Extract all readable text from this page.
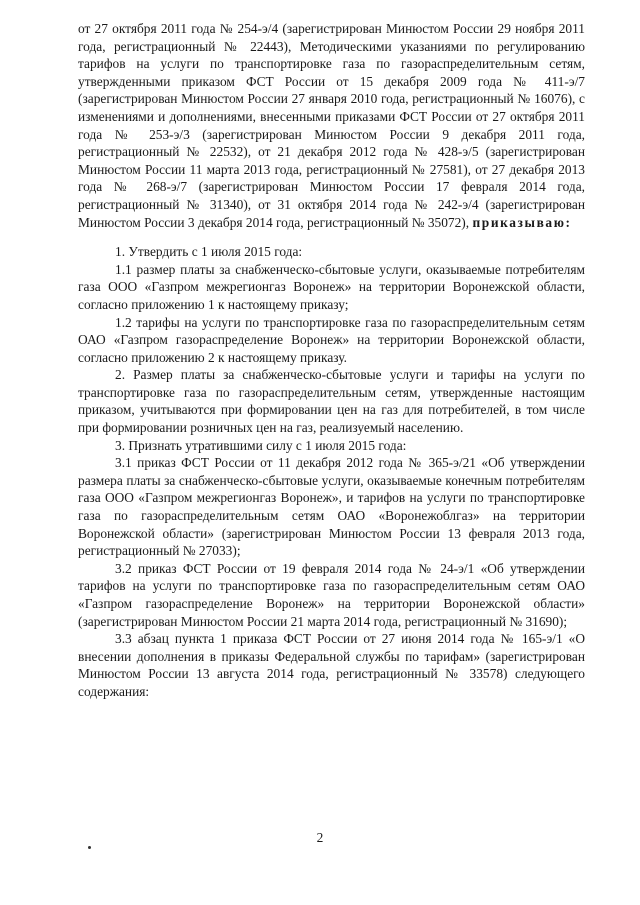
от 27 октября 2011 года № 254-э/4 (зарегистрирован Минюстом России 29 ноября 2011 года, регистрационный № 22443), Методическими указаниями по регулированию тарифов на услуги по транспортировке газа по газораспределительным сетям, утвержденными приказом ФСТ России от 15 декабря 2009 года № 411-э/7 (зарегистрирован Минюстом России 27 января 2010 года, регистрационный № 16076), с изменениями и дополнениями, внесенными приказами ФСТ России от 27 октября 2011 года № 253-э/3 (зарегистрирован Минюстом России 9 декабря 2011 года, регистрационный № 22532), от 21 декабря 2012 года № 428-э/5 (зарегистрирован Минюстом России 11 марта 2013 года, регистрационный № 27581), от 27 декабря 2013 года № 268-э/7 (зарегистрирован Минюстом России 17 февраля 2014 года, регистрационный № 31340), от 31 октября 2014 года № 242-э/4 (зарегистрирован Минюстом России 3 декабря 2014 года, регистрационный № 35072), приказываю:

1. Утвердить с 1 июля 2015 года:

1.1 размер платы за снабженческо-сбытовые услуги, оказываемые потребителям газа ООО «Газпром межрегионгаз Воронеж» на территории Воронежской области, согласно приложению 1 к настоящему приказу;

1.2 тарифы на услуги по транспортировке газа по газораспределительным сетям ОАО «Газпром газораспределение Воронеж» на территории Воронежской области, согласно приложению 2 к настоящему приказу.

2. Размер платы за снабженческо-сбытовые услуги и тарифы на услуги по транспортировке газа по газораспределительным сетям, утвержденные настоящим приказом, учитываются при формировании цен на газ для потребителей, в том числе при формировании розничных цен на газ, реализуемый населению.

3. Признать утратившими силу с 1 июля 2015 года:

3.1 приказ ФСТ России от 11 декабря 2012 года № 365-э/21 «Об утверждении размера платы за снабженческо-сбытовые услуги, оказываемые конечным потребителям газа ООО «Газпром межрегионгаз Воронеж», и тарифов на услуги по транспортировке газа по газораспределительным сетям ОАО «Воронежоблгаз» на территории Воронежской области» (зарегистрирован Минюстом России 13 февраля 2013 года, регистрационный № 27033);

3.2 приказ ФСТ России от 19 февраля 2014 года № 24-э/1 «Об утверждении тарифов на услуги по транспортировке газа по газораспределительным сетям ОАО «Газпром газораспределение Воронеж» на территории Воронежской области» (зарегистрирован Минюстом России 21 марта 2014 года, регистрационный № 31690);

3.3 абзац пункта 1 приказа ФСТ России от 27 июня 2014 года № 165-э/1 «О внесении дополнения в приказы Федеральной службы по тарифам» (зарегистрирован Минюстом России 13 августа 2014 года, регистрационный № 33578) следующего содержания:

2
